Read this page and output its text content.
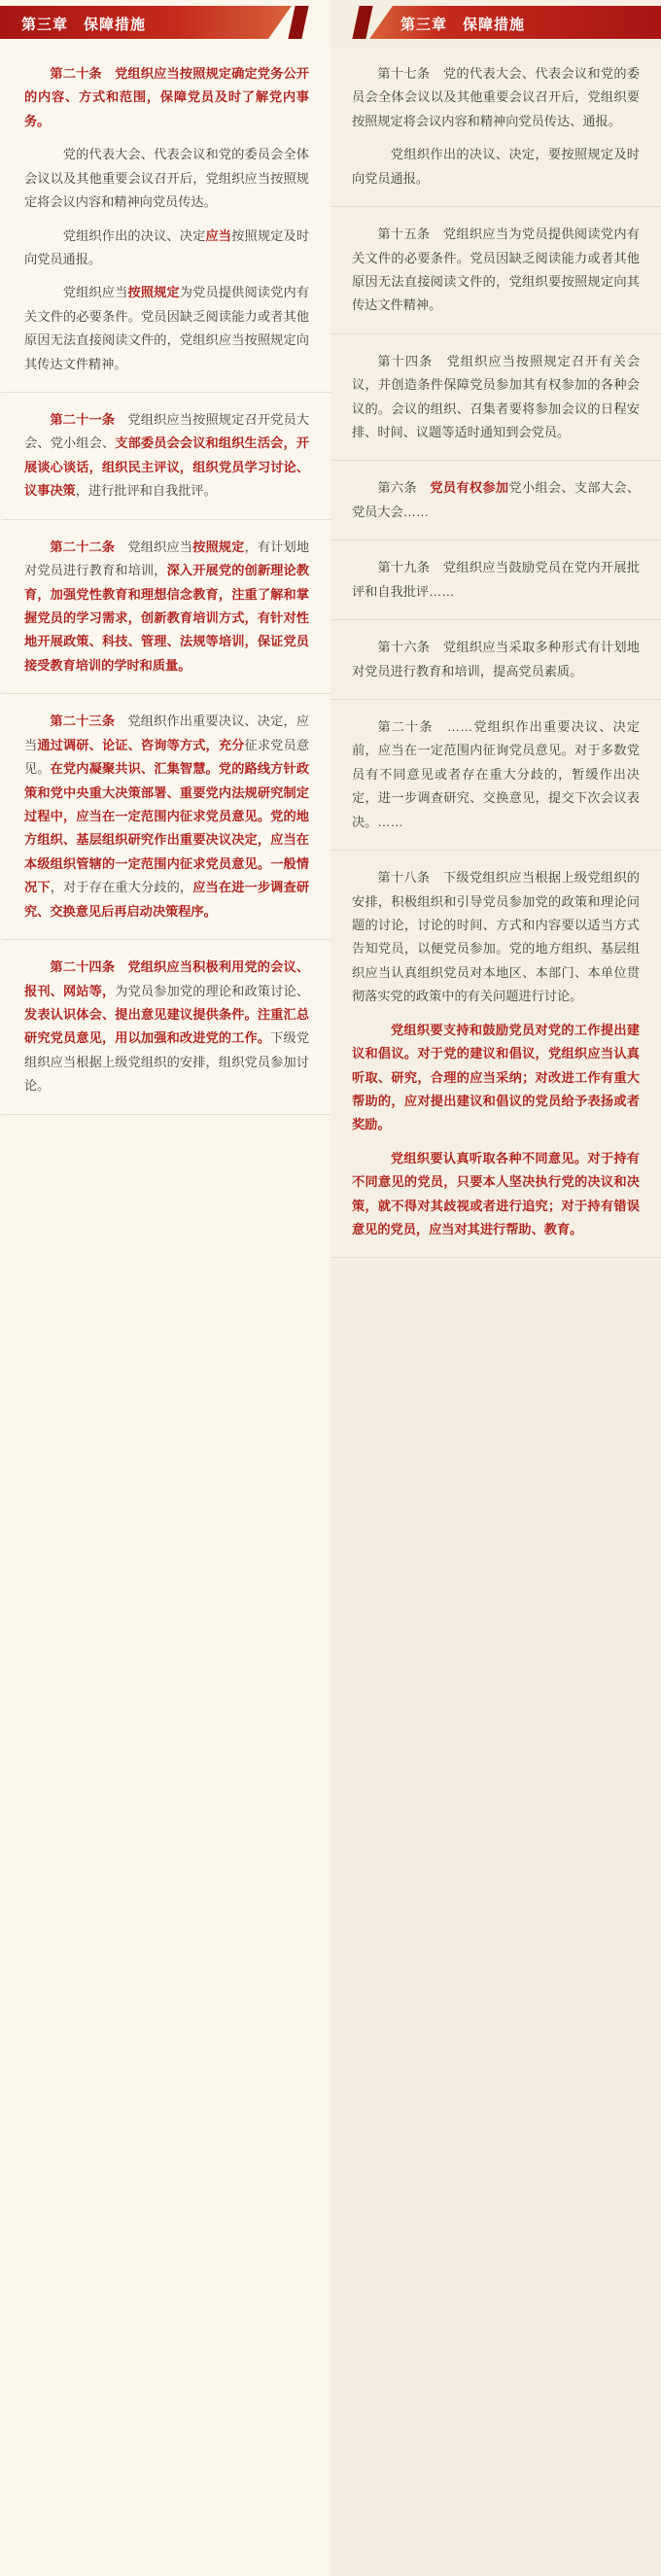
第三章　保障措施	第三章　保障措施

第二十条　党组织应当按照规定确定党务公开的内容、方式和范围，保障党员及时了解党内事务。

　党的代表大会、代表会议和党的委员会全体会议以及其他重要会议召开后，党组织应当按照规定将会议内容和精神向党员传达。

　党组织作出的决议、决定应当按照规定及时向党员通报。

　党组织应当按照规定为党员提供阅读党内有关文件的必要条件。党员因缺乏阅读能力或者其他原因无法直接阅读文件的，党组织应当按照规定向其传达文件精神。

第二十一条　党组织应当按照规定召开党员大会、党小组会、支部委员会会议和组织生活会，开展谈心谈话，组织民主评议，组织党员学习讨论、议事决策，进行批评和自我批评。

第二十二条　党组织应当按照规定，有计划地对党员进行教育和培训，深入开展党的创新理论教育，加强党性教育和理想信念教育，注重了解和掌握党员的学习需求，创新教育培训方式，有针对性地开展政策、科技、管理、法规等培训，保证党员接受教育培训的学时和质量。

第二十三条　党组织作出重要决议、决定，应当通过调研、论证、咨询等方式，充分征求党员意见。在党内凝聚共识、汇集智慧。党的路线方针政策和党中央重大决策部署、重要党内法规研究制定过程中，应当在一定范围内征求党员意见。党的地方组织、基层组织研究作出重要决议决定，应当在本级组织管辖的一定范围内征求党员意见。一般情况下，对于存在重大分歧的，应当在进一步调查研究、交换意见后再启动决策程序。

第二十四条　党组织应当积极利用党的会议、报刊、网站等，为党员参加党的理论和政策讨论、发表认识体会、提出意见建议提供条件。注重汇总研究党员意见，用以加强和改进党的工作。下级党组织应当根据上级党组织的安排，组织党员参加讨论。

第十七条　党的代表大会、代表会议和党的委员会全体会议以及其他重要会议召开后，党组织要按照规定将会议内容和精神向党员传达、通报。

　党组织作出的决议、决定，要按照规定及时向党员通报。

第十五条　党组织应当为党员提供阅读党内有关文件的必要条件。党员因缺乏阅读能力或者其他原因无法直接阅读文件的，党组织要按照规定向其传达文件精神。

第十四条　党组织应当按照规定召开有关会议，并创造条件保障党员参加其有权参加的各种会议的。会议的组织、召集者要将参加会议的日程安排、时间、议题等适时通知到会党员。

第六条　 党员有权参加党小组会、支部大会、党员大会……

第十九条　党组织应当鼓励党员在党内开展批评和自我批评……

第十六条　党组织应当采取多种形式有计划地对党员进行教育和培训，提高党员素质。

第二十条　……党组织作出重要决议、决定前，应当在一定范围内征询党员意见。对于多数党员有不同意见或者存在重大分歧的，暂缓作出决定，进一步调查研究、交换意见，提交下次会议表决。……

第十八条　下级党组织应当根据上级党组织的安排，积极组织和引导党员参加党的政策和理论问题的讨论，讨论的时间、方式和内容要以适当方式告知党员，以便党员参加。党的地方组织、基层组织应当认真组织党员对本地区、本部门、本单位贯彻落实党的政策中的有关问题进行讨论。

　党组织要支持和鼓励党员对党的工作提出建议和倡议。对于党的建议和倡议，党组织应当认真听取、研究，合理的应当采纳；对改进工作有重大帮助的，应对提出建议和倡议的党员给予表扬或者奖励。

　党组织要认真听取各种不同意见。对于持有不同意见的党员，只要本人坚决执行党的决议和决策，就不得对其歧视或者进行追究；对于持有错误意见的党员，应当对其进行帮助、教育。
